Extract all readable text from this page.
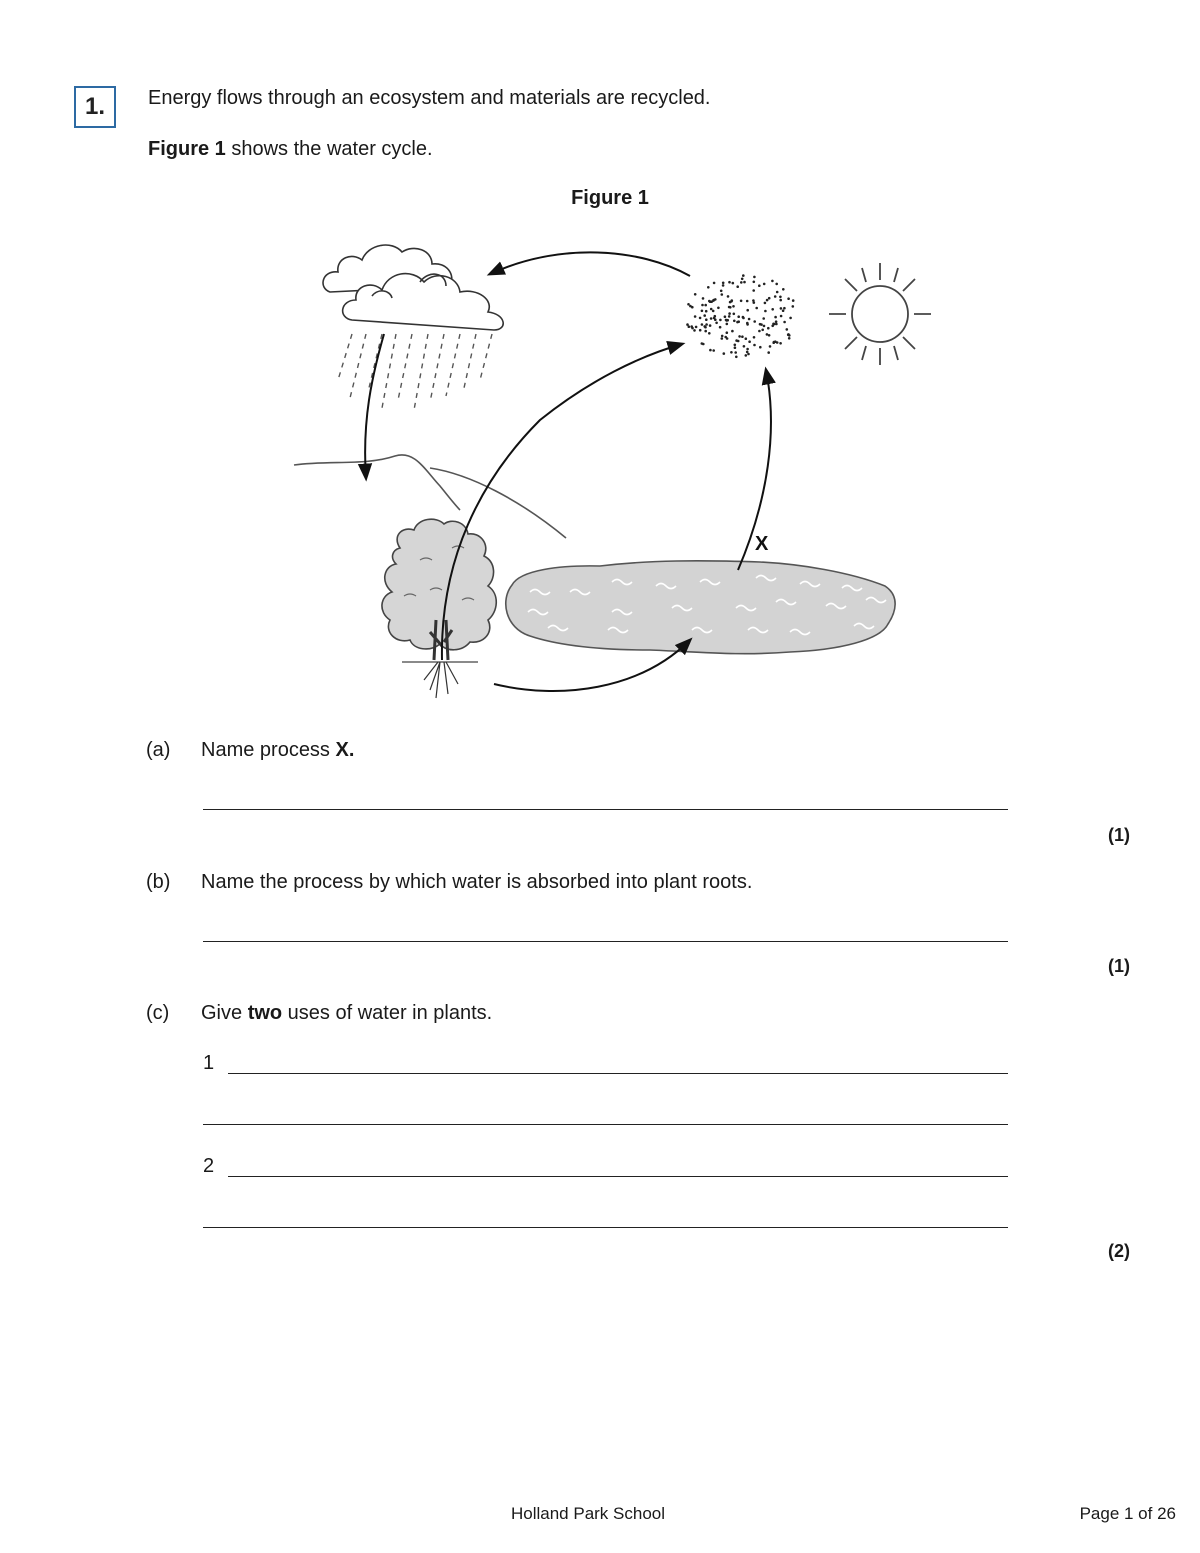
1. Energy flows through an ecosystem and materials are recycled.
Figure 1 shows the water cycle.
Figure 1
X
(a) Name process X.
(1)
(b) Name the process by which water is absorbed into plant roots.
(1)
(c) Give two uses of water in plants.
1
2
(2)
Holland Park School	Page 1 of 26
